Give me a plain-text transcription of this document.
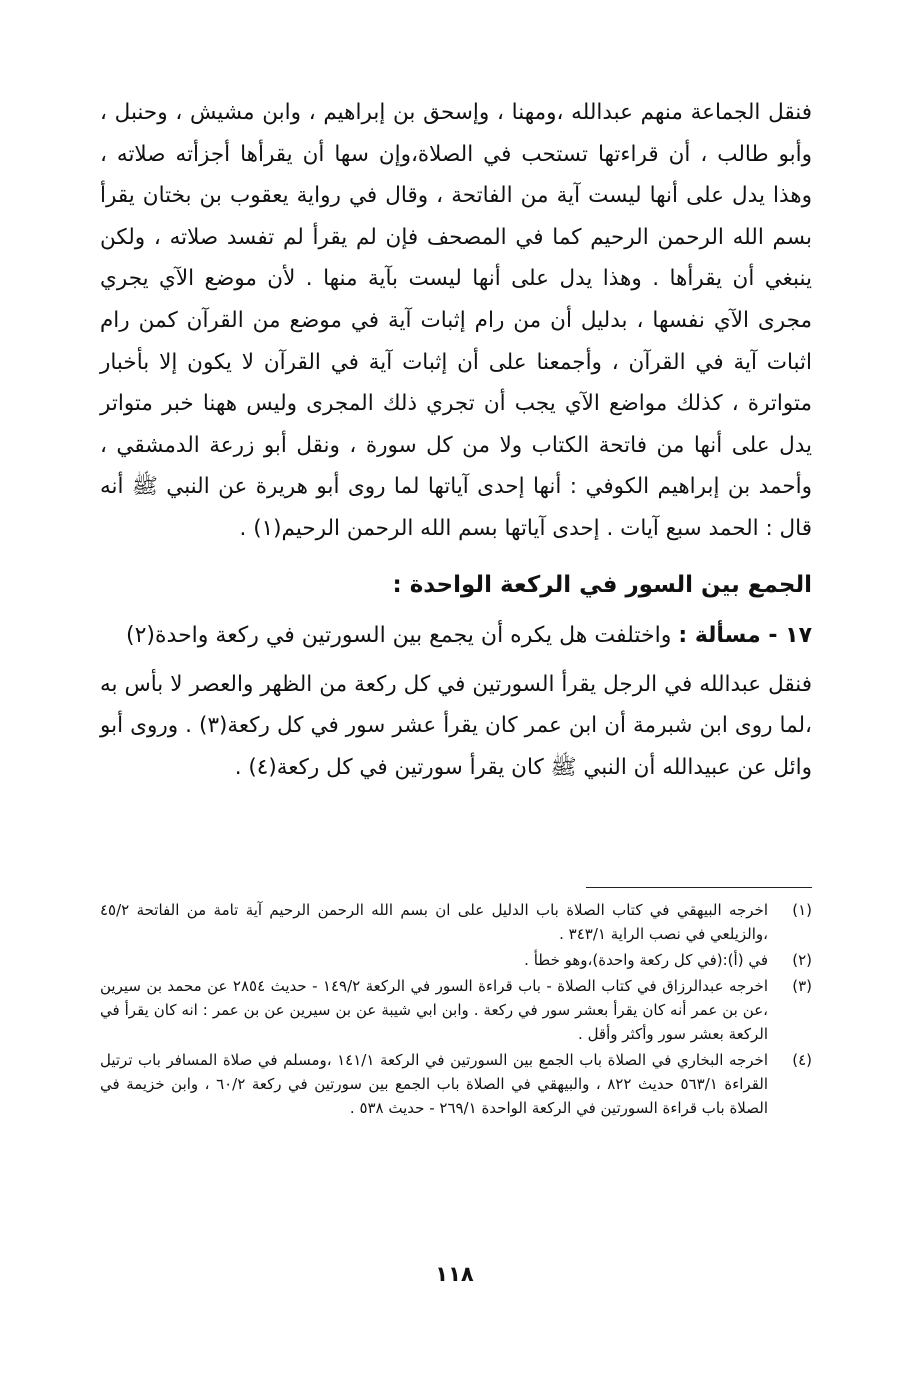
فنقل الجماعة منهم عبدالله ،ومهنا ، وإسحق بن إبراهيم ، وابن مشيش ، وحنبل ، وأبو طالب ، أن قراءتها تستحب في الصلاة،وإن سها أن يقرأها أجزأته صلاته ، وهذا يدل على أنها ليست آية من الفاتحة ، وقال في رواية يعقوب بن بختان يقرأ بسم الله الرحمن الرحيم كما في المصحف فإن لم يقرأ لم تفسد صلاته ، ولكن ينبغي أن يقرأها . وهذا يدل على أنها ليست بآية منها . لأن موضع الآي يجري مجرى الآي نفسها ، بدليل أن من رام إثبات آية في موضع من القرآن كمن رام اثبات آية في القرآن ، وأجمعنا على أن إثبات آية في القرآن لا يكون إلا بأخبار متواترة ، كذلك مواضع الآي يجب أن تجري ذلك المجرى وليس ههنا خبر متواتر يدل على أنها من فاتحة الكتاب ولا من كل سورة ، ونقل أبو زرعة الدمشقي ، وأحمد بن إبراهيم الكوفي : أنها إحدى آياتها لما روى أبو هريرة عن النبي ﷺ أنه قال : الحمد سبع آيات . إحدى آياتها بسم الله الرحمن الرحيم(١) .

الجمع بين السور في الركعة الواحدة :

١٧ - مسألة : واختلفت هل يكره أن يجمع بين السورتين في ركعة واحدة(٢)

فنقل عبدالله في الرجل يقرأ السورتين في كل ركعة من الظهر والعصر لا بأس به ،لما روى ابن شبرمة أن ابن عمر كان يقرأ عشر سور في كل ركعة(٣) . وروى أبو وائل عن عبيدالله أن النبي ﷺ كان يقرأ سورتين في كل ركعة(٤) .

(١)
اخرجه البيهقي في كتاب الصلاة باب الدليل على ان بسم الله الرحمن الرحيم آية تامة من الفاتحة ٤٥/٢ ،والزيلعي في نصب الراية ٣٤٣/١ .
(٢)
في (أ):(في كل ركعة واحدة)،وهو خطأ .
(٣)
اخرجه عبدالرزاق في كتاب الصلاة - باب قراءة السور في الركعة ١٤٩/٢ - حديث ٢٨٥٤ عن محمد بن سيرين ،عن بن عمر أنه كان يقرأ بعشر سور في ركعة . وابن ابي شيبة عن بن سيرين عن بن عمر : انه كان يقرأ في الركعة بعشر سور وأكثر وأقل .
(٤)
اخرجه البخاري في الصلاة باب الجمع بين السورتين في الركعة ١٤١/١ ،ومسلم في صلاة المسافر باب ترتيل القراءة ٥٦٣/١ حديث ٨٢٢ ، والبيهقي في الصلاة باب الجمع بين سورتين في ركعة ٦٠/٢ ، وابن خزيمة في الصلاة باب قراءة السورتين في الركعة الواحدة ٢٦٩/١ - حديث ٥٣٨ .
١١٨
